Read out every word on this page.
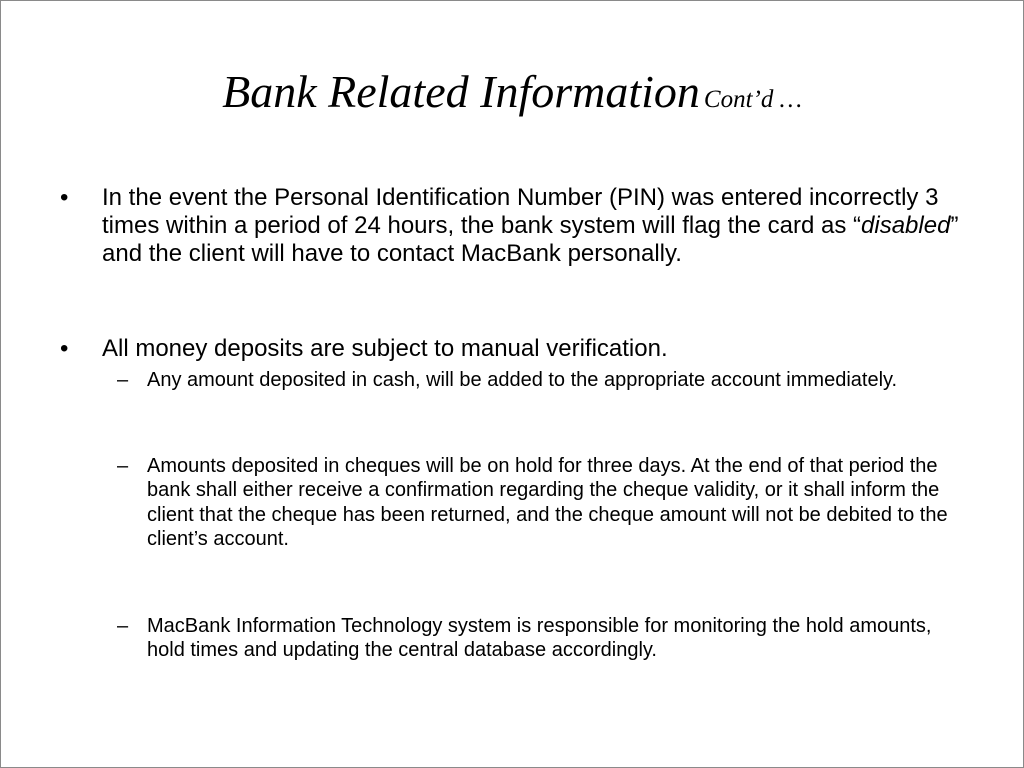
Bank Related Information Cont’d …
• In the event the Personal Identification Number (PIN) was entered incorrectly 3 times within a period of 24 hours, the bank system will flag the card as “disabled” and the client will have to contact MacBank personally.
• All money deposits are subject to manual verification.
– Any amount deposited in cash, will be added to the appropriate account immediately.
– Amounts deposited in cheques will be on hold for three days. At the end of that period the bank shall either receive a confirmation regarding the cheque validity, or it shall inform the client that the cheque has been returned, and the cheque amount will not be debited to the client’s account.
– MacBank Information Technology system is responsible for monitoring the hold amounts, hold times and updating the central database accordingly.
